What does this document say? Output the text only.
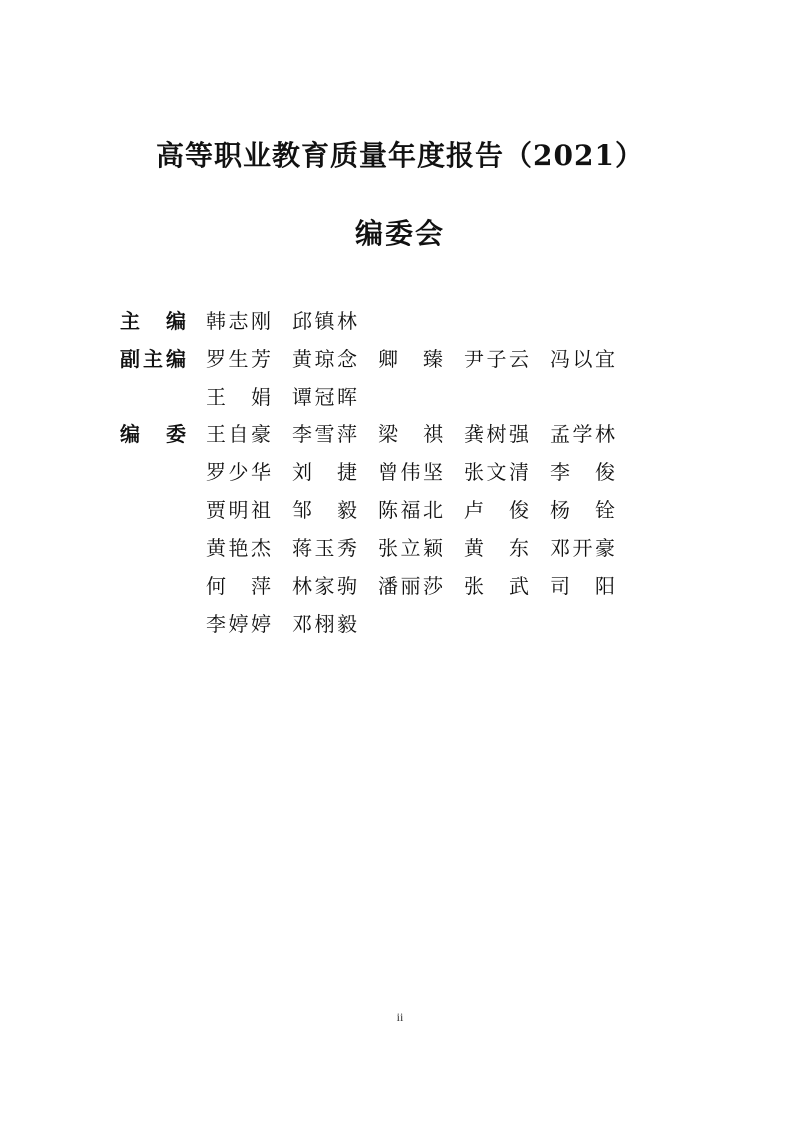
高等职业教育质量年度报告（2021）
编委会
主编 韩志刚 邱镇林
副主编 罗生芳 黄琼念 卿臻 尹子云 冯以宜
王娟 谭冠晖
编委 王自豪 李雪萍 梁祺 龚树强 孟学林
罗少华 刘捷 曾伟坚 张文清 李俊
贾明祖 邹毅 陈福北 卢俊 杨铨
黄艳杰 蒋玉秀 张立颖 黄东 邓开豪
何萍 林家驹 潘丽莎 张武 司阳
李婷婷 邓栩毅
ii
